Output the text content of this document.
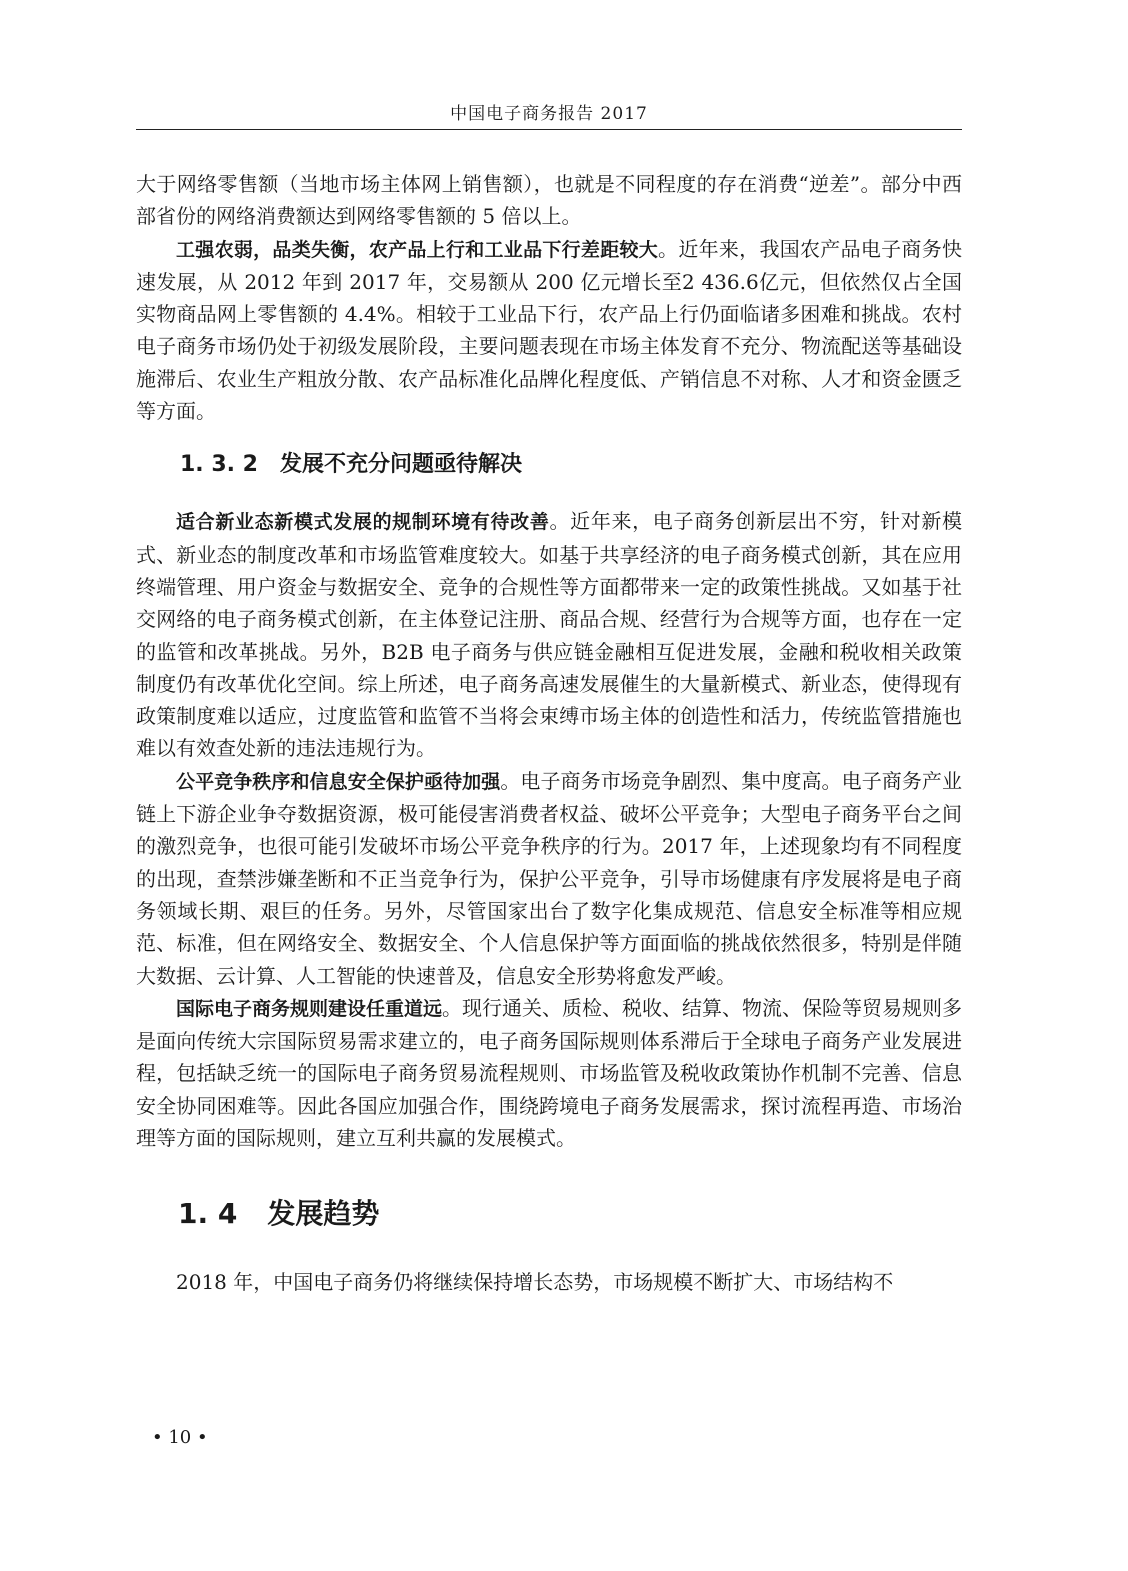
中国电子商务报告 2017

大于网络零售额（当地市场主体网上销售额），也就是不同程度的存在消费“逆差”。部分中西部省份的网络消费额达到网络零售额的 5 倍以上。

工强农弱，品类失衡，农产品上行和工业品下行差距较大。近年来，我国农产品电子商务快速发展，从 2012 年到 2017 年，交易额从 200 亿元增长至2 436.6亿元，但依然仅占全国实物商品网上零售额的 4.4%。相较于工业品下行，农产品上行仍面临诸多困难和挑战。农村电子商务市场仍处于初级发展阶段，主要问题表现在市场主体发育不充分、物流配送等基础设施滞后、农业生产粗放分散、农产品标准化品牌化程度低、产销信息不对称、人才和资金匮乏等方面。

1. 3. 2 发展不充分问题亟待解决

适合新业态新模式发展的规制环境有待改善。近年来，电子商务创新层出不穷，针对新模式、新业态的制度改革和市场监管难度较大。如基于共享经济的电子商务模式创新，其在应用终端管理、用户资金与数据安全、竞争的合规性等方面都带来一定的政策性挑战。又如基于社交网络的电子商务模式创新，在主体登记注册、商品合规、经营行为合规等方面，也存在一定的监管和改革挑战。另外，B2B 电子商务与供应链金融相互促进发展，金融和税收相关政策制度仍有改革优化空间。综上所述，电子商务高速发展催生的大量新模式、新业态，使得现有政策制度难以适应，过度监管和监管不当将会束缚市场主体的创造性和活力，传统监管措施也难以有效查处新的违法违规行为。

公平竞争秩序和信息安全保护亟待加强。电子商务市场竞争剧烈、集中度高。电子商务产业链上下游企业争夺数据资源，极可能侵害消费者权益、破坏公平竞争；大型电子商务平台之间的激烈竞争，也很可能引发破坏市场公平竞争秩序的行为。2017 年，上述现象均有不同程度的出现，查禁涉嫌垄断和不正当竞争行为，保护公平竞争，引导市场健康有序发展将是电子商务领域长期、艰巨的任务。另外，尽管国家出台了数字化集成规范、信息安全标准等相应规范、标准，但在网络安全、数据安全、个人信息保护等方面面临的挑战依然很多，特别是伴随大数据、云计算、人工智能的快速普及，信息安全形势将愈发严峻。

国际电子商务规则建设任重道远。现行通关、质检、税收、结算、物流、保险等贸易规则多是面向传统大宗国际贸易需求建立的，电子商务国际规则体系滞后于全球电子商务产业发展进程，包括缺乏统一的国际电子商务贸易流程规则、市场监管及税收政策协作机制不完善、信息安全协同困难等。因此各国应加强合作，围绕跨境电子商务发展需求，探讨流程再造、市场治理等方面的国际规则，建立互利共赢的发展模式。

1. 4 发展趋势

2018 年，中国电子商务仍将继续保持增长态势，市场规模不断扩大、市场结构不

• 10 •
